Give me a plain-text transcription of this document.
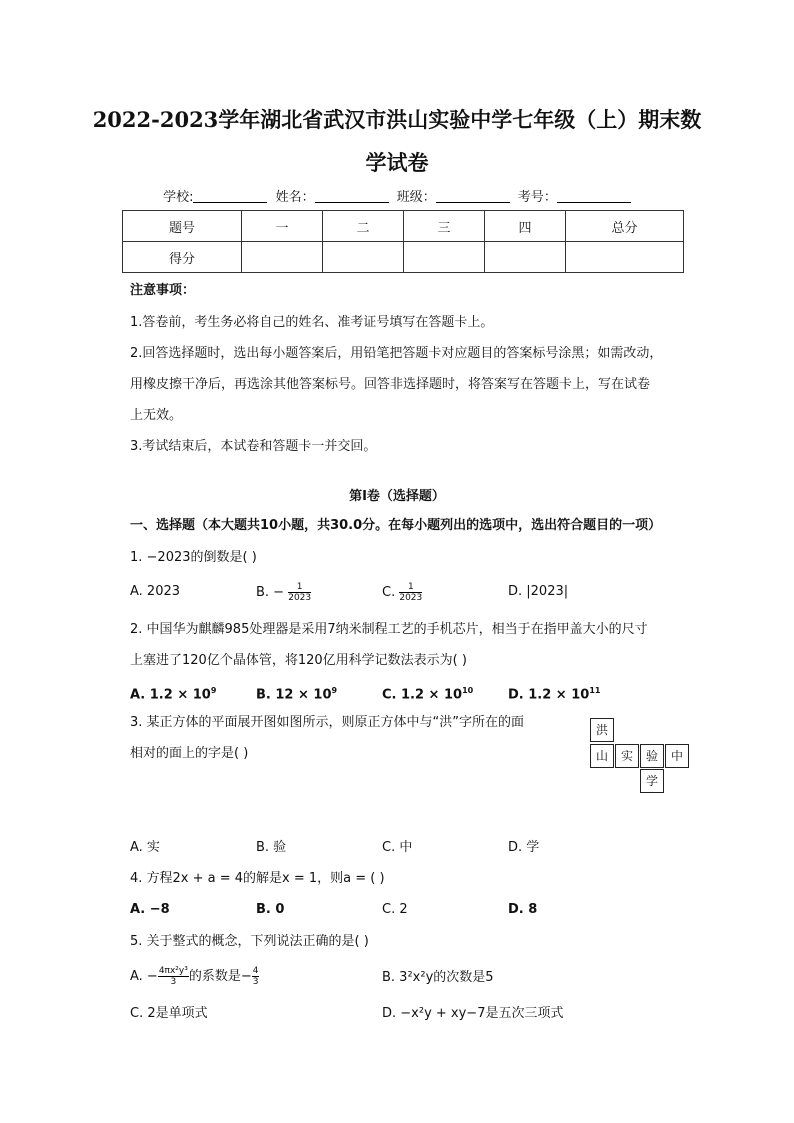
2022-2023学年湖北省武汉市洪山实验中学七年级（上）期末数
学试卷
学校:	姓名：	班级：	考号：
题号	一	二	三	四	总分
得分					
注意事项：
1.答卷前，考生务必将自己的姓名、准考证号填写在答题卡上。
2.回答选择题时，选出每小题答案后，用铅笔把答题卡对应题目的答案标号涂黑；如需改动，
用橡皮擦干净后，再选涂其他答案标号。回答非选择题时，将答案写在答题卡上，写在试卷
上无效。
3.考试结束后，本试卷和答题卡一并交回。
第Ⅰ卷（选择题）
一、选择题（本大题共10小题，共30.0分。在每小题列出的选项中，选出符合题目的一项）
1. −2023的倒数是( )
A. 2023	B. − $\frac{1}{2023}$	C. $\frac{1}{2023}$	D. |2023|
2. 中国华为麒麟985处理器是采用7纳米制程工艺的手机芯片，相当于在指甲盖大小的尺寸
上塞进了120亿个晶体管，将120亿用科学记数法表示为( )
A. $1.2 \times 10^9$	B. $12 \times 10^9$	C. $1.2 \times 10^{10}$	D. $1.2 \times 10^{11}$
3. 某正方体的平面展开图如图所示，则原正方体中与“洪”字所在的面
相对的面上的字是( )
洪
山	实	验	中
学
A. 实	B. 验	C. 中	D. 学
4. 方程2x + a = 4的解是x = 1，则a = ( )
A. −8	B. 0	C. 2	D. 8
5. 关于整式的概念，下列说法正确的是( )
A. − $\frac{\text{4πx²y³}}{3}$ 的系数是− $\frac{4}{3}$	B. 3²x²y的次数是5
C. 2是单项式	D. −x²y + xy−7是五次三项式
